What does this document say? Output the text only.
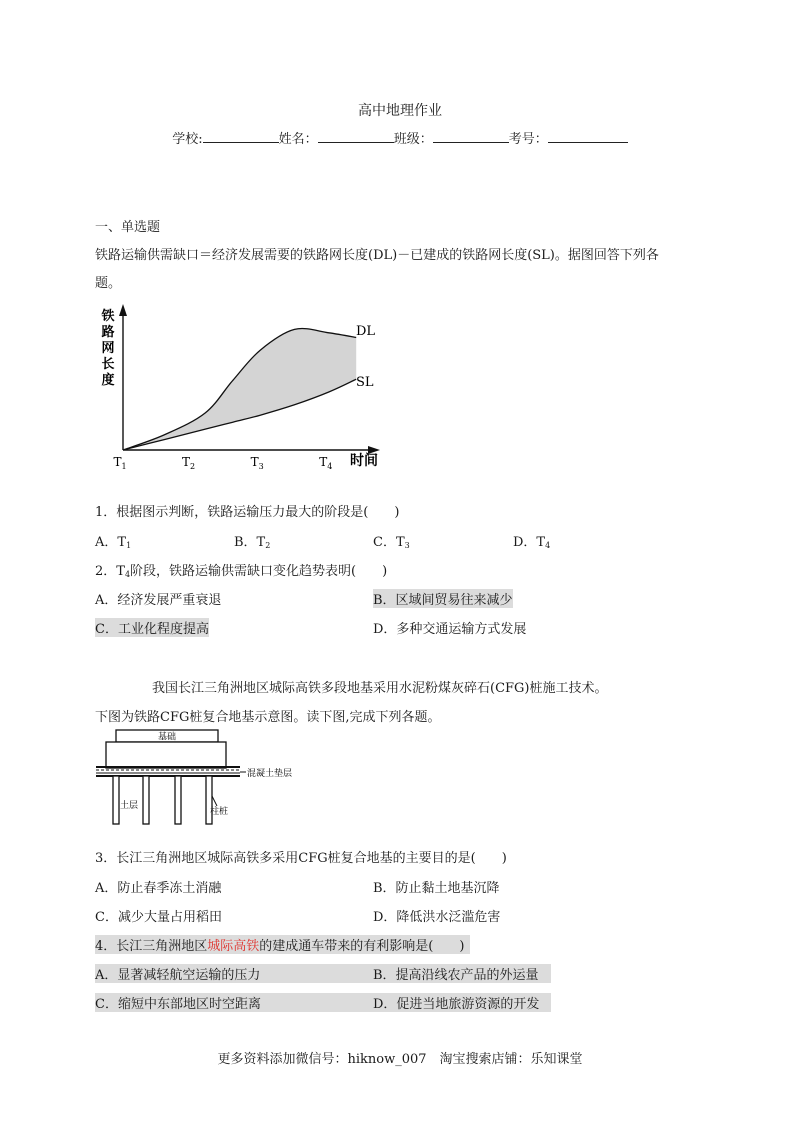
高中地理作业
学校:	姓名：	班级：	考号：
一、单选题
铁路运输供需缺口＝经济发展需要的铁路网长度(DL)－已建成的铁路网长度(SL)。据图回答下列各
题。
铁
路
网
长
度
DL
SL
$T_1$	$T_2$	$T_3$	$T_4$ 时间
1．根据图示判断，铁路运输压力最大的阶段是(　　)
A．$T_1$	B．$T_2$	C．$T_3$	D．$T_4$
2．$T_4$阶段，铁路运输供需缺口变化趋势表明(　　)
A．经济发展严重衰退	B．区域间贸易往来减少
C．工业化程度提高	D．多种交通运输方式发展
我国长江三角洲地区城际高铁多段地基采用水泥粉煤灰碎石(CFG)桩施工技术。
下图为铁路CFG桩复合地基示意图。读下图,完成下列各题。
基础
混凝土垫层
土层
柱桩
3．长江三角洲地区城际高铁多采用CFG桩复合地基的主要目的是(　　)
A．防止春季冻土消融	B．防止黏土地基沉降
C．减少大量占用稻田	D．降低洪水泛滥危害
4．长江三角洲地区城际高铁的建成通车带来的有利影响是(　　)
A．显著减轻航空运输的压力	B．提高沿线农产品的外运量
C．缩短中东部地区时空距离	D．促进当地旅游资源的开发
更多资料添加微信号：hiknow_007　淘宝搜索店铺：乐知课堂
